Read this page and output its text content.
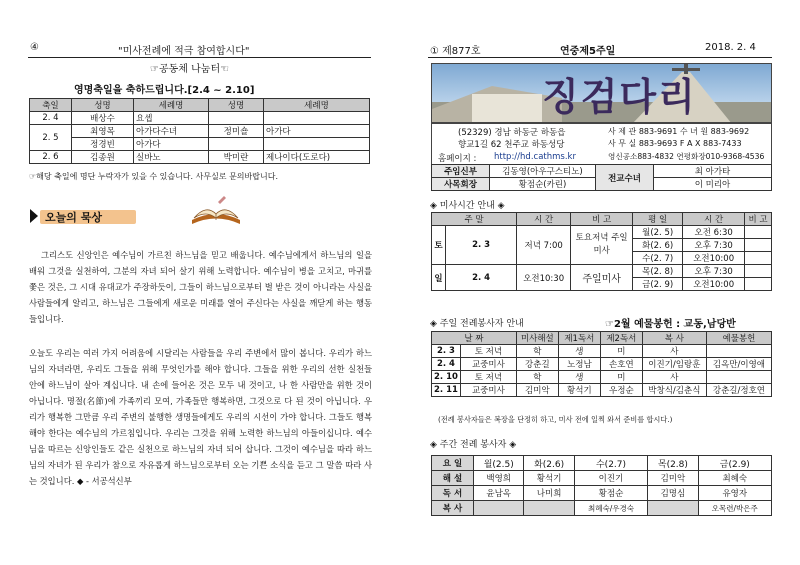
④	"미사전례에 적극 참여합시다"
☞공동체 나눔터☜
영명축일을 축하드립니다.[2.4 ~ 2.10]
축일	성명	세례명	성명	세례명
2. 4	배상수	요셉		
2. 5	최영목	아가다수녀	정미숄	아가다
	정경빈	아가다		
2. 6	김종원	실바노	박미란	제나이다(도로다)
☞해당 축일에 명단 누락자가 있을 수 있습니다. 사무실로 문의바랍니다.
오늘의 묵상
그리스도 신앙인은 예수님이 가르친 하느님을 믿고 배웁니다. 예수님에게서 하느님의 일을 배워 그것을 실천하여, 그분의 자녀 되어 살기 위해 노력합니다. 예수님이 병을 고치고, 마귀를 쫓은 것은, 그 시대 유대교가 주장하듯이, 그들이 하느님으로부터 벌 받은 것이 아니라는 사실을 사람들에게 알리고, 하느님은 그들에게 새로운 미래를 열어 주신다는 사실을 깨닫게 하는 행동들입니다.
오늘도 우리는 여러 가지 어려움에 시달리는 사람들을 우리 주변에서 많이 봅니다. 우리가 하느님의 자녀라면, 우리도 그들을 위해 무엇인가를 해야 합니다. 그들을 위한 우리의 선한 실천들 안에 하느님이 살아 계십니다. 내 손에 들어온 것은 모두 내 것이고, 나 한 사람만을 위한 것이 아닙니다. 명절(名節)에 가족끼리 모여, 가족들만 행복하면, 그것으로 다 된 것이 아닙니다. 우리가 행복한 그만큼 우리 주변의 불행한 생명들에게도 우리의 시선이 가야 합니다. 그들도 행복해야 한다는 예수님의 가르침입니다. 우리는 그것을 위해 노력한 하느님의 아들이십니다. 예수님을 따르는 신앙인들도 같은 실천으로 하느님의 자녀 되어 삽니다. 그것이 예수님을 따라 하느님의 자녀가 된 우리가 참으로 자유롭게 하느님으로부터 오는 기쁜 소식을 듣고 그 말씀 따라 사는 것입니다. ◆ - 서공석신부
① 제877호	연중제5주일	2018. 2. 4
징검다리
(52329) 경남 하동군 하동읍
향교1길 62 천주교 하동성당
홈페이지 : http://hd.cathms.kr
사 제 관 883-9691 수 녀 원 883-9692
사 무 실 883-9693 F A X 883-7433
영신공소883-4832 연평화장010-9368-4536
주임신부	김동영(아우구스티노)	전교수녀	최 아가타
사목회장	황점순(카린)		이 미리아
◈ 미사시간 안내 ◈
주 말		시 간	비 고	평 일	시 간	비 고
토	2. 3	저녁 7:00	토요저녁 주일미사	월(2. 5)	오전 6:30	
				화(2. 6)	오후 7:30	
				수(2. 7)	오전10:00	
일	2. 4	오전10:30	주일미사	목(2. 8)	오후 7:30	
				금(2. 9)	오전10:00	
◈ 주일 전례봉사자 안내	☞2월 예물봉헌 : 교동,남당반
날 짜		미사해설	제1독서	제2독서	복 사	예물봉헌
2. 3	토 저녁	학	생	미	사	
2. 4	교중미사	강춘길	노정남	손호연	이진기/임랑훈	김옥만/이영애
2. 10	토 저녁	학	생	미	사	
2. 11	교중미사	김미악	황석기	우정순	박창식/김춘식	강춘길/정호연
(전례 봉사자들은 복장을 단정히 하고, 미사 전에 일찍 와서 준비를 합시다.)
◈ 주간 전례 봉사자 ◈
요 일	월(2.5)	화(2.6)	수(2.7)	목(2.8)	금(2.9)
해 설	백영희	황석기	이진기	김미악	최혜숙
독 서	윤남옥	나미희	황점순	김명심	유영자
복 사			최혜숙/우경숙		오목련/박은주
